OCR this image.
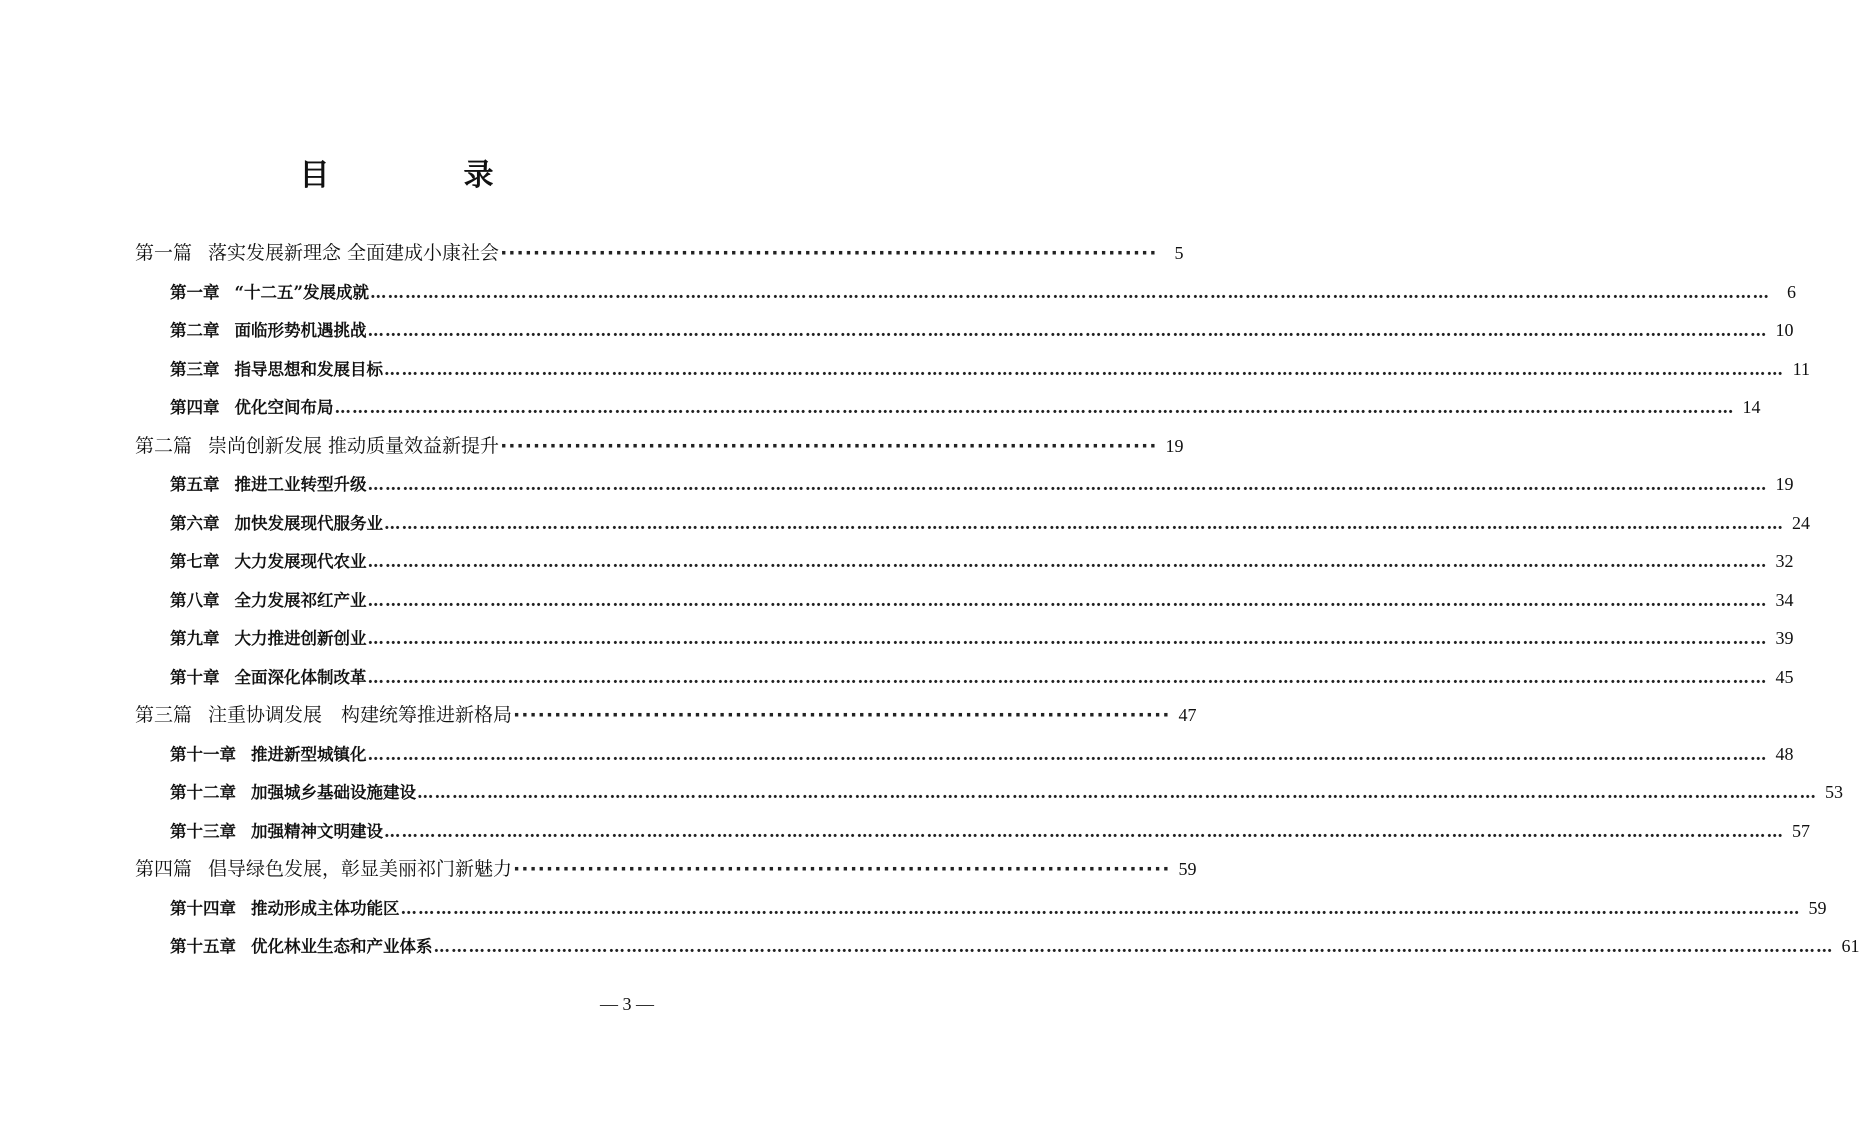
目　录
第一篇 落实发展新理念 全面建成小康社会 ················································································ 5
第一章 “十二五”发展成就 …………………………………………………………………………………………………………………………………………………………………………………………………………………… 6
第二章 面临形势机遇挑战 …………………………………………………………………………………………………………………………………………………………………………………………………………………… 10
第三章 指导思想和发展目标 …………………………………………………………………………………………………………………………………………………………………………………………………………………… 11
第四章 优化空间布局 …………………………………………………………………………………………………………………………………………………………………………………………………………………… 14
第二篇 崇尚创新发展 推动质量效益新提升 ················································································ 19
第五章 推进工业转型升级 …………………………………………………………………………………………………………………………………………………………………………………………………………………… 19
第六章 加快发展现代服务业 …………………………………………………………………………………………………………………………………………………………………………………………………………………… 24
第七章 大力发展现代农业 …………………………………………………………………………………………………………………………………………………………………………………………………………………… 32
第八章 全力发展祁红产业 …………………………………………………………………………………………………………………………………………………………………………………………………………………… 34
第九章 大力推进创新创业 …………………………………………………………………………………………………………………………………………………………………………………………………………………… 39
第十章 全面深化体制改革 …………………………………………………………………………………………………………………………………………………………………………………………………………………… 45
第三篇 注重协调发展　构建统筹推进新格局 ················································································ 47
第十一章 推进新型城镇化 …………………………………………………………………………………………………………………………………………………………………………………………………………………… 48
第十二章 加强城乡基础设施建设 …………………………………………………………………………………………………………………………………………………………………………………………………………………… 53
第十三章 加强精神文明建设 …………………………………………………………………………………………………………………………………………………………………………………………………………………… 57
第四篇 倡导绿色发展，彰显美丽祁门新魅力 ················································································ 59
第十四章 推动形成主体功能区 …………………………………………………………………………………………………………………………………………………………………………………………………………………… 59
第十五章 优化林业生态和产业体系 …………………………………………………………………………………………………………………………………………………………………………………………………………………… 61
— 3 —
